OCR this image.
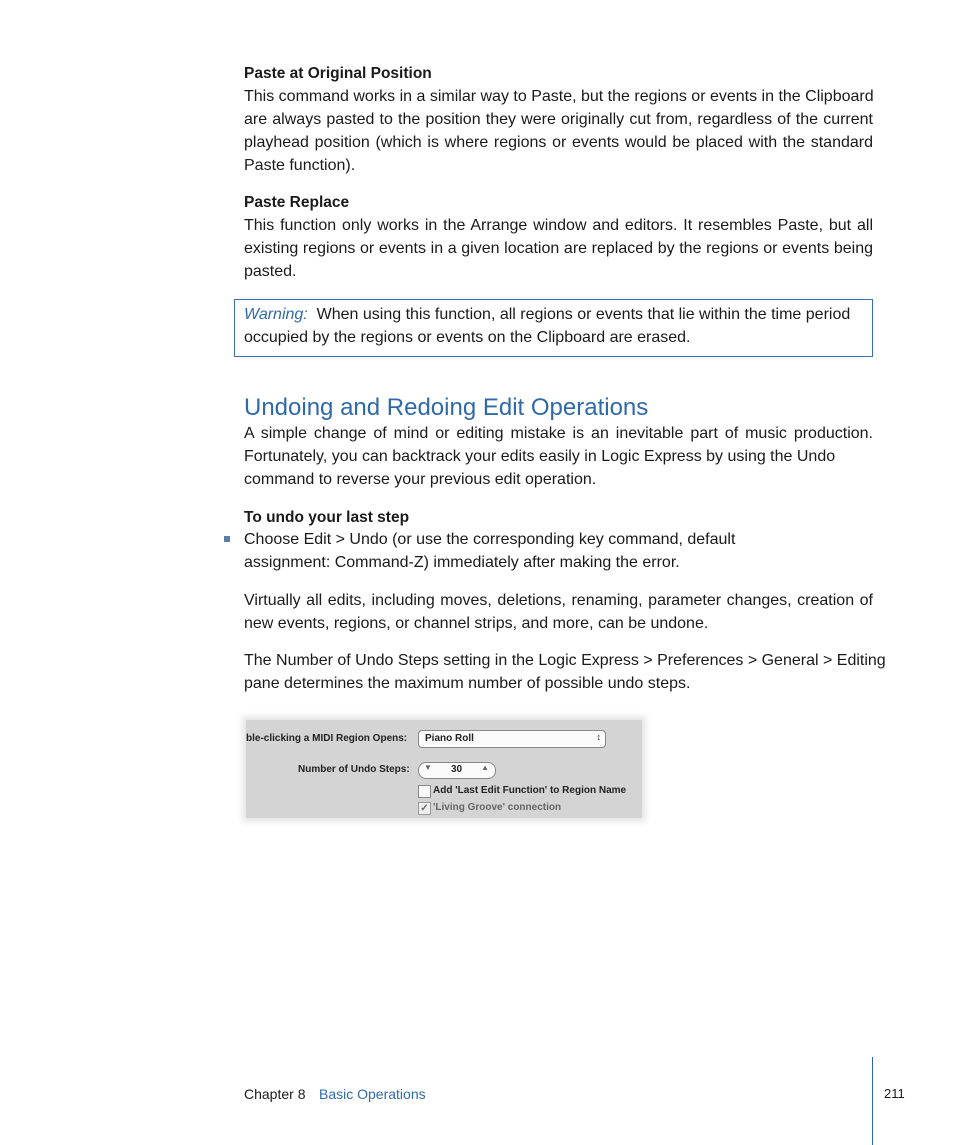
Paste at Original Position
This command works in a similar way to Paste, but the regions or events in the Clipboard
are always pasted to the position they were originally cut from, regardless of the current
playhead position (which is where regions or events would be placed with the standard
Paste function).
Paste Replace
This function only works in the Arrange window and editors. It resembles Paste, but all
existing regions or events in a given location are replaced by the regions or events being
pasted.
Warning: When using this function, all regions or events that lie within the time period
occupied by the regions or events on the Clipboard are erased.
Undoing and Redoing Edit Operations
A simple change of mind or editing mistake is an inevitable part of music production.
Fortunately, you can backtrack your edits easily in Logic Express by using the Undo
command to reverse your previous edit operation.
To undo your last step
Choose Edit > Undo (or use the corresponding key command, default
assignment: Command-Z) immediately after making the error.
Virtually all edits, including moves, deletions, renaming, parameter changes, creation of
new events, regions, or channel strips, and more, can be undone.
The Number of Undo Steps setting in the Logic Express > Preferences > General > Editing
pane determines the maximum number of possible undo steps.
ble-clicking a MIDI Region Opens: Piano Roll	↕
Number of Undo Steps: ▼ 30 ▲
Add 'Last Edit Function' to Region Name
✓ 'Living Groove' connection
Chapter 8 Basic Operations	211
